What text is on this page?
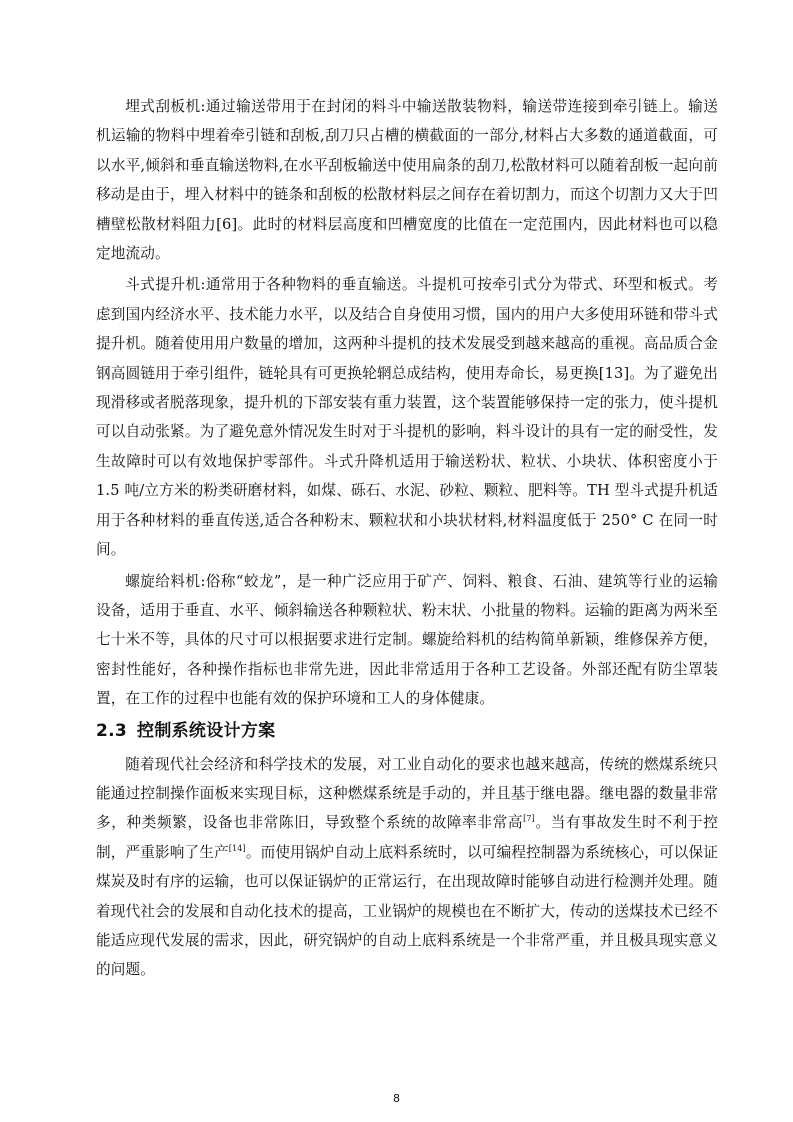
埋式刮板机:通过输送带用于在封闭的料斗中输送散装物料，输送带连接到牵引链上。输送机运输的物料中埋着牵引链和刮板,刮刀只占槽的横截面的一部分,材料占大多数的通道截面，可以水平,倾斜和垂直输送物料,在水平刮板输送中使用扁条的刮刀,松散材料可以随着刮板一起向前移动是由于，埋入材料中的链条和刮板的松散材料层之间存在着切割力，而这个切割力又大于凹槽壁松散材料阻力[6]。此时的材料层高度和凹槽宽度的比值在一定范围内，因此材料也可以稳定地流动。

斗式提升机:通常用于各种物料的垂直输送。斗提机可按牵引式分为带式、环型和板式。考虑到国内经济水平、技术能力水平，以及结合自身使用习惯，国内的用户大多使用环链和带斗式提升机。随着使用用户数量的增加，这两种斗提机的技术发展受到越来越高的重视。高品质合金钢高圆链用于牵引组件，链轮具有可更换轮辋总成结构，使用寿命长，易更换[13]。为了避免出现滑移或者脱落现象，提升机的下部安装有重力装置，这个装置能够保持一定的张力，使斗提机可以自动张紧。为了避免意外情况发生时对于斗提机的影响，料斗设计的具有一定的耐受性，发生故障时可以有效地保护零部件。斗式升降机适用于输送粉状、粒状、小块状、体积密度小于 1.5 吨/立方米的粉类研磨材料，如煤、砾石、水泥、砂粒、颗粒、肥料等。TH 型斗式提升机适用于各种材料的垂直传送,适合各种粉末、颗粒状和小块状材料,材料温度低于 250° C 在同一时间。

螺旋给料机:俗称“蛟龙”，是一种广泛应用于矿产、饲料、粮食、石油、建筑等行业的运输设备，适用于垂直、水平、倾斜输送各种颗粒状、粉末状、小批量的物料。运输的距离为两米至七十米不等，具体的尺寸可以根据要求进行定制。螺旋给料机的结构简单新颖，维修保养方便，密封性能好，各种操作指标也非常先进，因此非常适用于各种工艺设备。外部还配有防尘罩装置，在工作的过程中也能有效的保护环境和工人的身体健康。

2.3 控制系统设计方案

随着现代社会经济和科学技术的发展，对工业自动化的要求也越来越高，传统的燃煤系统只能通过控制操作面板来实现目标，这种燃煤系统是手动的，并且基于继电器。继电器的数量非常多，种类频繁，设备也非常陈旧，导致整个系统的故障率非常高[7]。当有事故发生时不利于控制，严重影响了生产[14]。而使用锅炉自动上底料系统时，以可编程控制器为系统核心，可以保证煤炭及时有序的运输，也可以保证锅炉的正常运行，在出现故障时能够自动进行检测并处理。随着现代社会的发展和自动化技术的提高，工业锅炉的规模也在不断扩大，传动的送煤技术已经不能适应现代发展的需求，因此，研究锅炉的自动上底料系统是一个非常严重，并且极具现实意义的问题。

8
